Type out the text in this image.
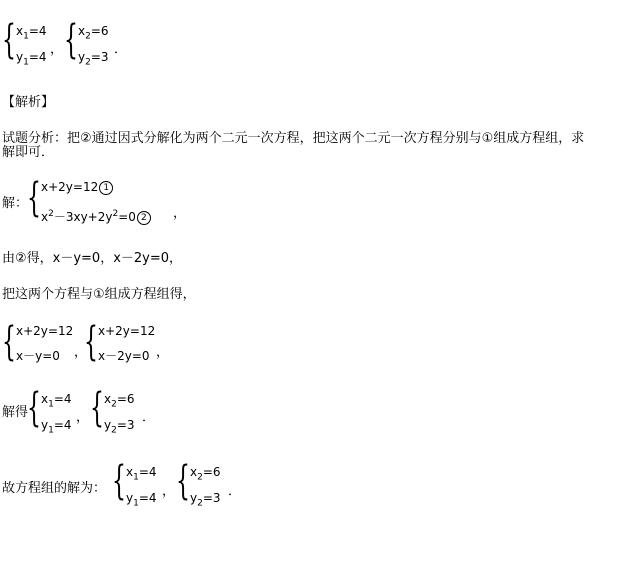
{ $x_1=4$
$y_1=4$ ， { $x_2=6$
$y_2=3$ ．
【解析】
试题分析：把②通过因式分解化为两个二元一次方程，把这两个二元一次方程分别与①组成方程组，求
解即可．
解：
{ x+2y=12 1
$x^2-3xy+2y^2=0$ 2	，
由②得，x－y=0，x－2y=0，
把这两个方程与①组成方程组得，
{ x+2y=12
x－y=0 ，
{ x+2y=12
x－2y=0 ，
解得
{ $x_1=4$
$y_1=4$ ， { $x_2=6$
$y_2=3$ ．
故方程组的解为： { $x_1=4$
$y_1=4$ ， { $x_2=6$
$y_2=3$ ．
